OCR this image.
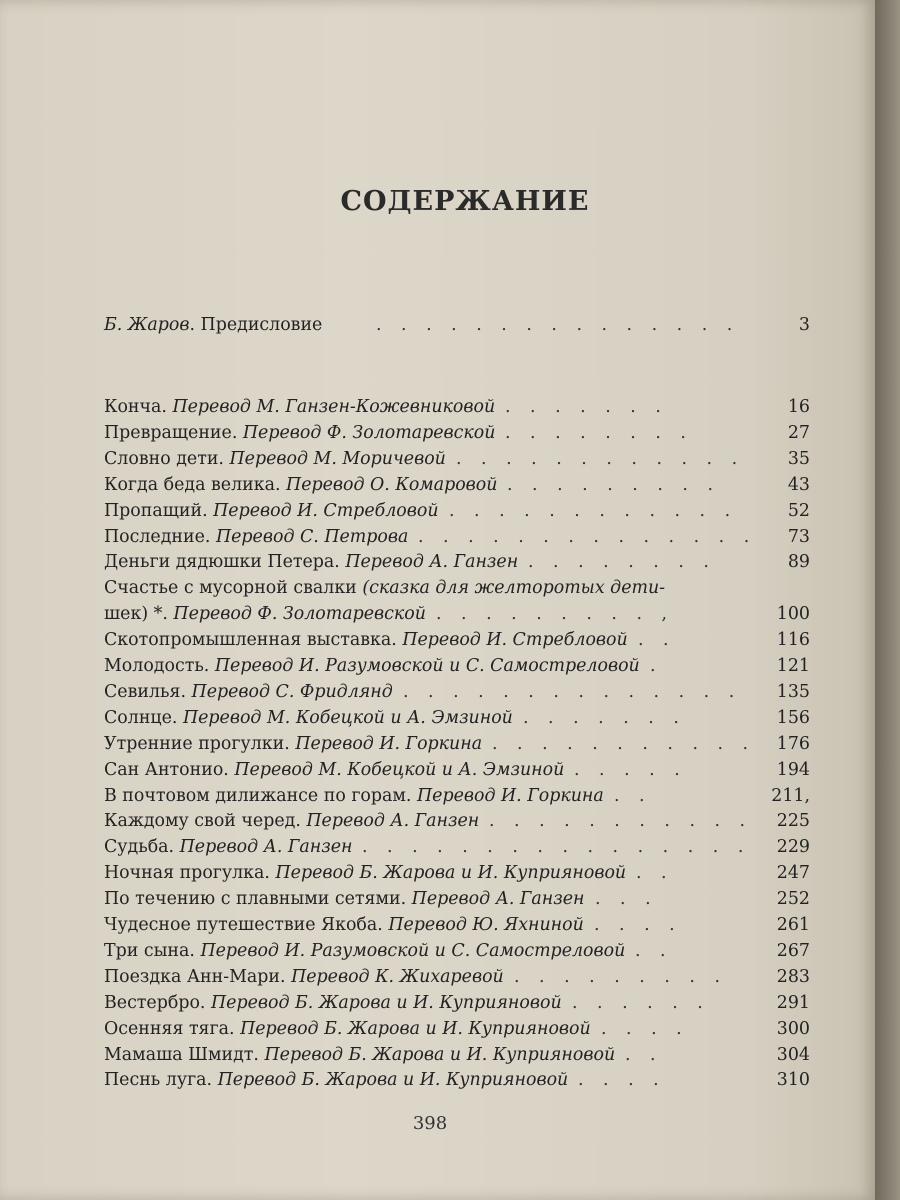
СОДЕРЖАНИЕ
Б. Жаров. Предисловие	. . . . . . . . . . . . . . .	3
Конча. Перевод М. Ганзен-Кожевниковой . . . . . . .	16
Превращение. Перевод Ф. Золотаревской . . . . . . . .	27
Словно дети. Перевод М. Моричевой . . . . . . . . . . . .	35
Когда беда велика. Перевод О. Комаровой . . . . . . . . .	43
Пропащий. Перевод И. Стребловой . . . . . . . . . . . .	52
Последние. Перевод С. Петрова . . . . . . . . . . . . . . 73
Деньги дядюшки Петера. Перевод А. Ганзен . . . . . . . .	89
Счастье с мусорной свалки (сказка для желторотых дети-
шек) *. Перевод Ф. Золотаревской . . . . . . . . . ,	100
Скотопромышленная выставка. Перевод И. Стребловой . .	116
Молодость. Перевод И. Разумовской и С. Самостреловой .	121
Севилья. Перевод С. Фридлянд . . . . . . . . . . . . . . 135
Солнце. Перевод М. Кобецкой и А. Эмзиной . . . . . . .	156
Утренние прогулки. Перевод И. Горкина . . . . . . . . . . . 176
Сан Антонио. Перевод М. Кобецкой и А. Эмзиной . . . . .	194
В почтовом дилижансе по горам. Перевод И. Горкина . .	211,
Каждому свой черед. Перевод А. Ганзен . . . . . . . . . . . 225
Судьба. Перевод А. Ганзен . . . . . . . . . . . . . . . . 229
Ночная прогулка. Перевод Б. Жарова и И. Куприяновой . .	247
По течению с плавными сетями. Перевод А. Ганзен . . .	252
Чудесное путешествие Якоба. Перевод Ю. Яхниной . . . .	261
Три сына. Перевод И. Разумовской и С. Самостреловой . .	267
Поездка Анн-Мари. Перевод К. Жихаревой . . . . . . . . .	283
Вестербро. Перевод Б. Жарова и И. Куприяновой . . . . . .	291
Осенняя тяга. Перевод Б. Жарова и И. Куприяновой . . . .	300
Мамаша Шмидт. Перевод Б. Жарова и И. Куприяновой . .	304
Песнь луга. Перевод Б. Жарова и И. Куприяновой . . . .	310
398
